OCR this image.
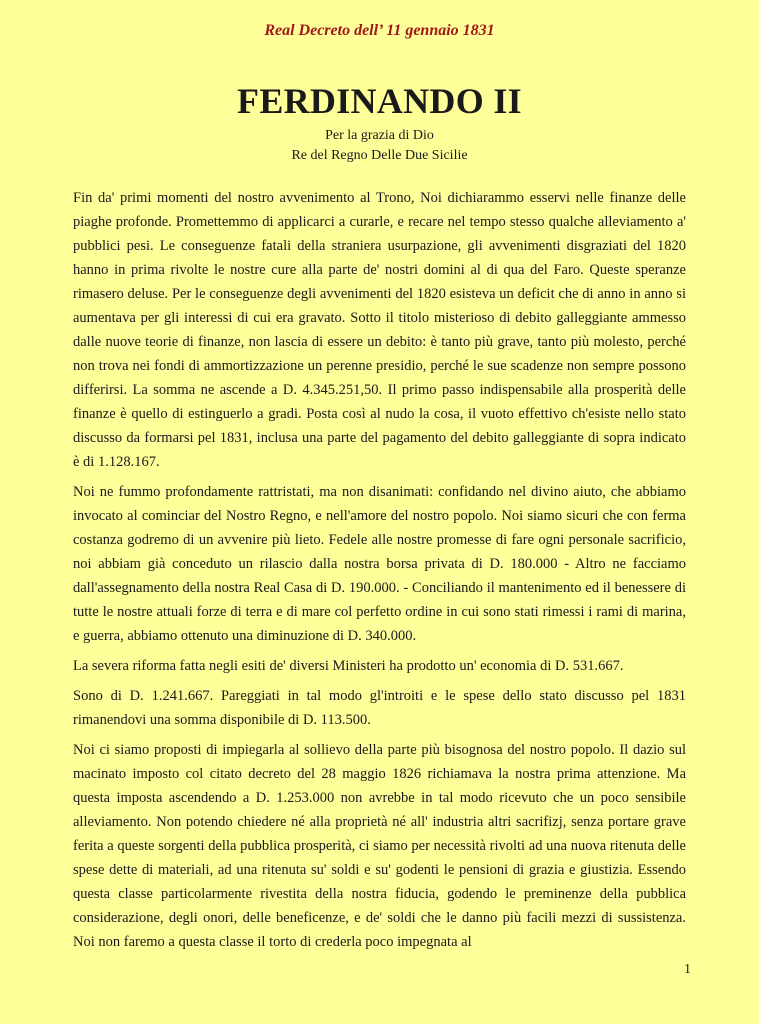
Real Decreto dell’ 11 gennaio 1831
FERDINANDO II
Per la grazia di Dio
Re del Regno Delle Due Sicilie

Fin da' primi momenti del nostro avvenimento al Trono, Noi dichiarammo esservi nelle finanze delle piaghe profonde. Promettemmo di applicarci a curarle, e recare nel tempo stesso qualche alleviamento a' pubblici pesi. Le conseguenze fatali della straniera usurpazione, gli avvenimenti disgraziati del 1820 hanno in prima rivolte le nostre cure alla parte de' nostri domini al di qua del Faro. Queste speranze rimasero deluse. Per le conseguenze degli avvenimenti del 1820 esisteva un deficit che di anno in anno si aumentava per gli interessi di cui era gravato. Sotto il titolo misterioso di debito galleggiante ammesso dalle nuove teorie di finanze, non lascia di essere un debito: è tanto più grave, tanto più molesto, perché non trova nei fondi di ammortizzazione un perenne presidio, perché le sue scadenze non sempre possono differirsi. La somma ne ascende a D. 4.345.251,50. Il primo passo indispensabile alla prosperità delle finanze è quello di estinguerlo a gradi. Posta così al nudo la cosa, il vuoto effettivo ch'esiste nello stato discusso da formarsi pel 1831, inclusa una parte del pagamento del debito galleggiante di sopra indicato è di 1.128.167.

Noi ne fummo profondamente rattristati, ma non disanimati: confidando nel divino aiuto, che abbiamo invocato al cominciar del Nostro Regno, e nell'amore del nostro popolo. Noi siamo sicuri che con ferma costanza godremo di un avvenire più lieto. Fedele alle nostre promesse di fare ogni personale sacrificio, noi abbiam già conceduto un rilascio dalla nostra borsa privata di D. 180.000 - Altro ne facciamo dall'assegnamento della nostra Real Casa di D. 190.000. - Conciliando il mantenimento ed il benessere di tutte le nostre attuali forze di terra e di mare col perfetto ordine in cui sono stati rimessi i rami di marina, e guerra, abbiamo ottenuto una diminuzione di D. 340.000.

La severa riforma fatta negli esiti de' diversi Ministeri ha prodotto un' economia di D. 531.667.

Sono di D. 1.241.667. Pareggiati in tal modo gl'introiti e le spese dello stato discusso pel 1831 rimanendovi una somma disponibile di D. 113.500.

Noi ci siamo proposti di impiegarla al sollievo della parte più bisognosa del nostro popolo. Il dazio sul macinato imposto col citato decreto del 28 maggio 1826 richiamava la nostra prima attenzione. Ma questa imposta ascendendo a D. 1.253.000 non avrebbe in tal modo ricevuto che un poco sensibile alleviamento. Non potendo chiedere né alla proprietà né all' industria altri sacrifizj, senza portare grave ferita a queste sorgenti della pubblica prosperità, ci siamo per necessità rivolti ad una nuova ritenuta delle spese dette di materiali, ad una ritenuta su' soldi e su' godenti le pensioni di grazia e giustizia. Essendo questa classe particolarmente rivestita della nostra fiducia, godendo le preminenze della pubblica considerazione, degli onori, delle beneficenze, e de' soldi che le danno più facili mezzi di sussistenza. Noi non faremo a questa classe il torto di crederla poco impegnata al

1
